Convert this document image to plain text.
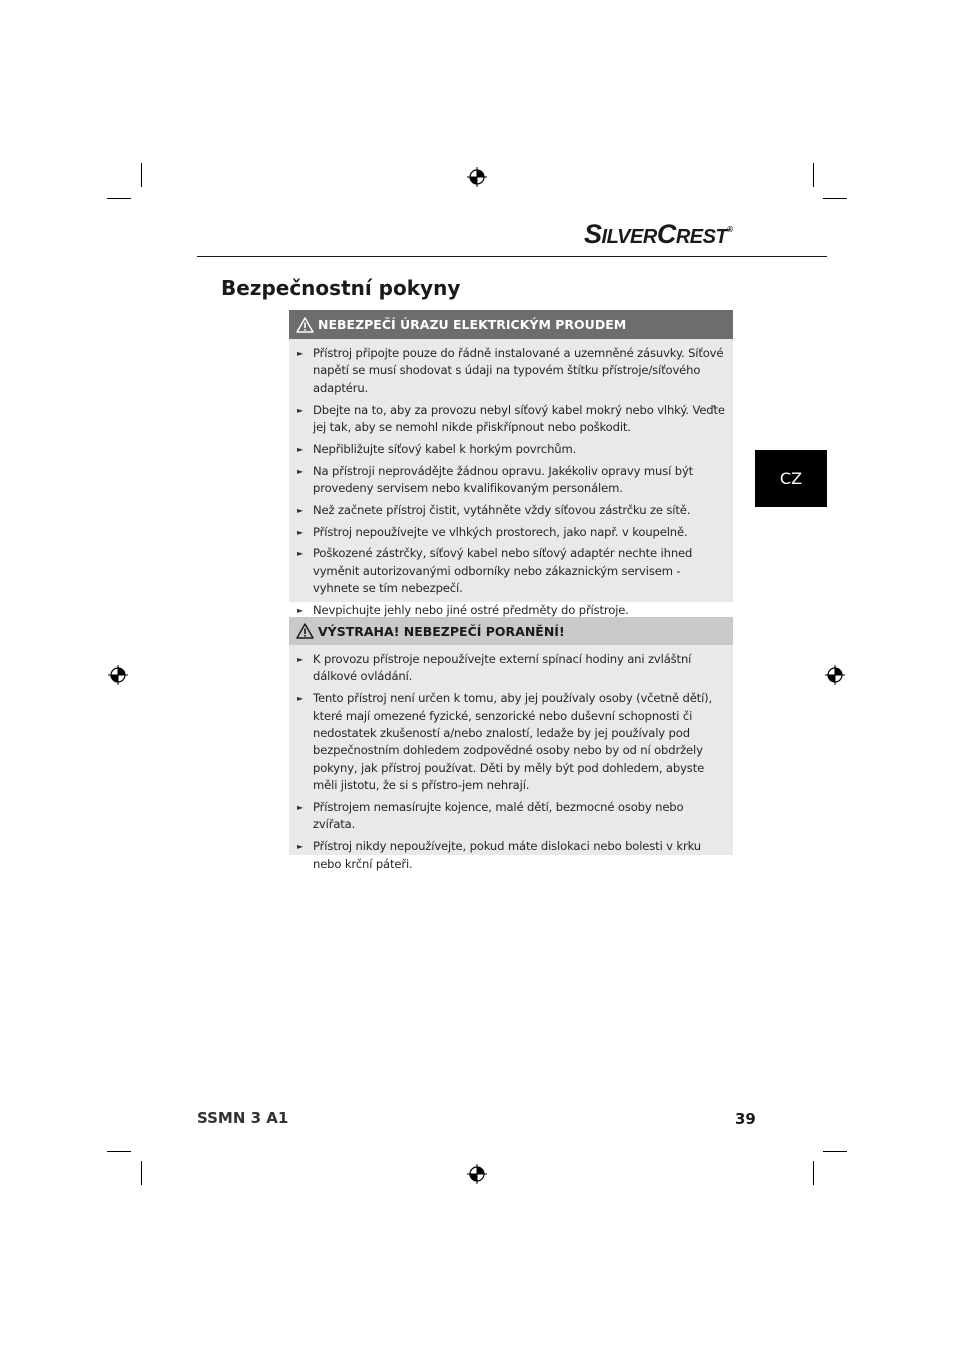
SILVERCREST®
Bezpečnostní pokyny
CZ
NEBEZPEČÍ ÚRAZU ELEKTRICKÝM PROUDEM
► Přístroj připojte pouze do řádně instalované a uzemněné zásuvky. Síťové napětí se musí shodovat s údaji na typovém štítku přístroje/síťového adaptéru.
► Dbejte na to, aby za provozu nebyl síťový kabel mokrý nebo vlhký. Veďte jej tak, aby se nemohl nikde přiskřípnout nebo poškodit.
► Nepřibližujte síťový kabel k horkým povrchům.
► Na přístroji neprovádějte žádnou opravu. Jakékoliv opravy musí být provedeny servisem nebo kvalifikovaným personálem.
► Než začnete přístroj čistit, vytáhněte vždy síťovou zástrčku ze sítě.
► Přístroj nepoužívejte ve vlhkých prostorech, jako např. v koupelně.
► Poškozené zástrčky, síťový kabel nebo síťový adaptér nechte ihned vyměnit autorizovanými odborníky nebo zákaznickým servisem - vyhnete se tím nebezpečí.
► Nevpichujte jehly nebo jiné ostré předměty do přístroje.
VÝSTRAHA! NEBEZPEČÍ PORANĚNÍ!
► K provozu přístroje nepoužívejte externí spínací hodiny ani zvláštní dálkové ovládání.
► Tento přístroj není určen k tomu, aby jej používaly osoby (včetně dětí), které mají omezené fyzické, senzorické nebo duševní schopnosti či nedostatek zkušeností a/nebo znalostí, ledaže by jej používaly pod bezpečnostním dohledem zodpovědné osoby nebo by od ní obdržely pokyny, jak přístroj používat. Děti by měly být pod dohledem, abyste měli jistotu, že si s přístro-jem nehrají.
► Přístrojem nemasírujte kojence, malé dětí, bezmocné osoby nebo zvířata.
► Přístroj nikdy nepoužívejte, pokud máte dislokaci nebo bolesti v krku nebo krční páteři.
SSMN 3 A1	39
